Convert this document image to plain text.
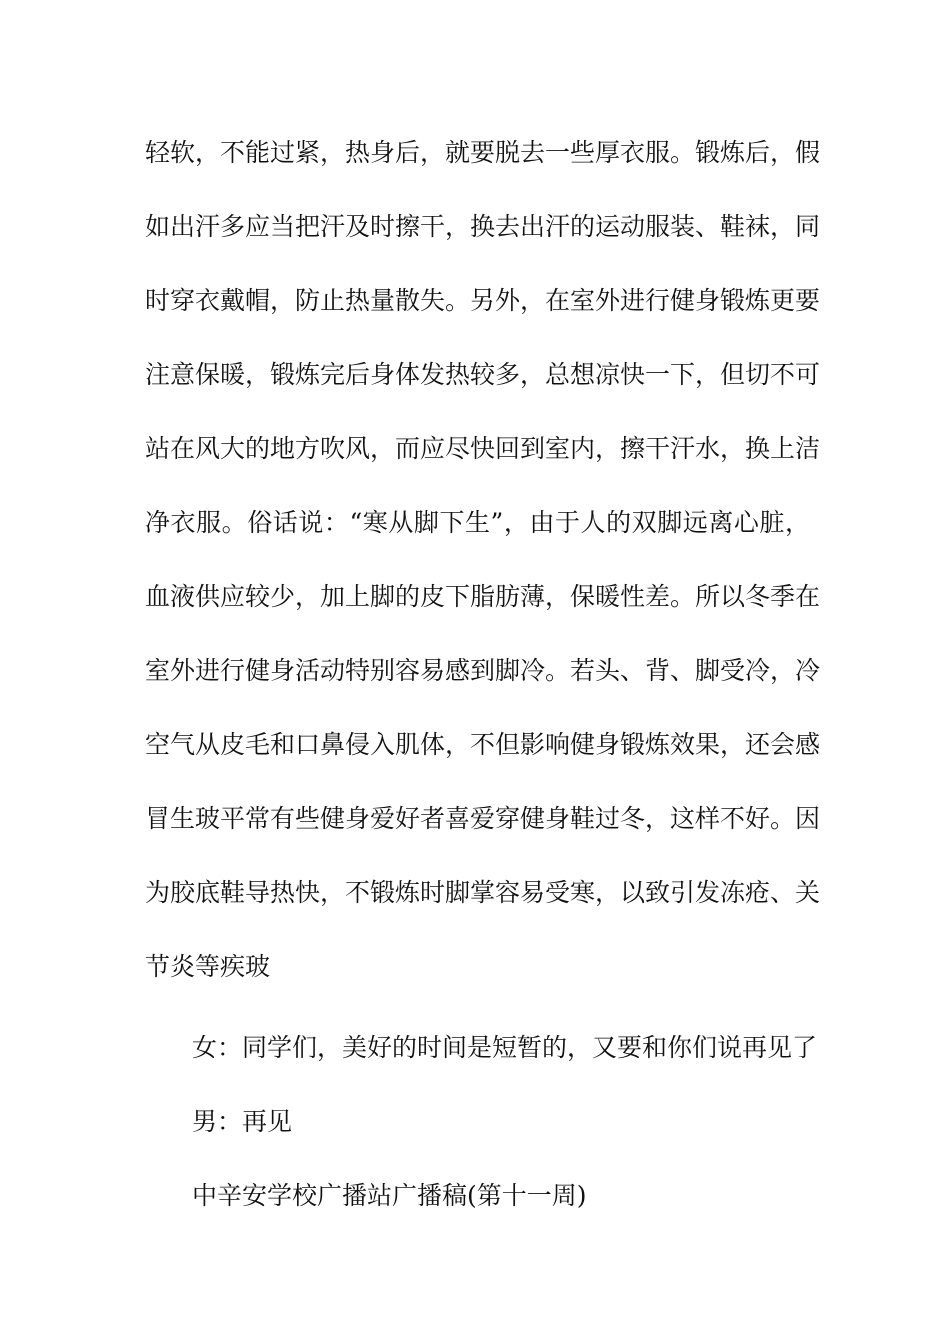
轻软，不能过紧，热身后，就要脱去一些厚衣服。锻炼后，假
如出汗多应当把汗及时擦干，换去出汗的运动服装、鞋袜，同
时穿衣戴帽，防止热量散失。另外，在室外进行健身锻炼更要
注意保暖，锻炼完后身体发热较多，总想凉快一下，但切不可
站在风大的地方吹风，而应尽快回到室内，擦干汗水，换上洁
净衣服。俗话说：“寒从脚下生”，由于人的双脚远离心脏，
血液供应较少，加上脚的皮下脂肪薄，保暖性差。所以冬季在
室外进行健身活动特别容易感到脚冷。若头、背、脚受冷，冷
空气从皮毛和口鼻侵入肌体，不但影响健身锻炼效果，还会感
冒生玻平常有些健身爱好者喜爱穿健身鞋过冬，这样不好。因
为胶底鞋导热快，不锻炼时脚掌容易受寒，以致引发冻疮、关
节炎等疾玻
女：同学们，美好的时间是短暂的，又要和你们说再见了
男：再见
中辛安学校广播站广播稿(第十一周)
